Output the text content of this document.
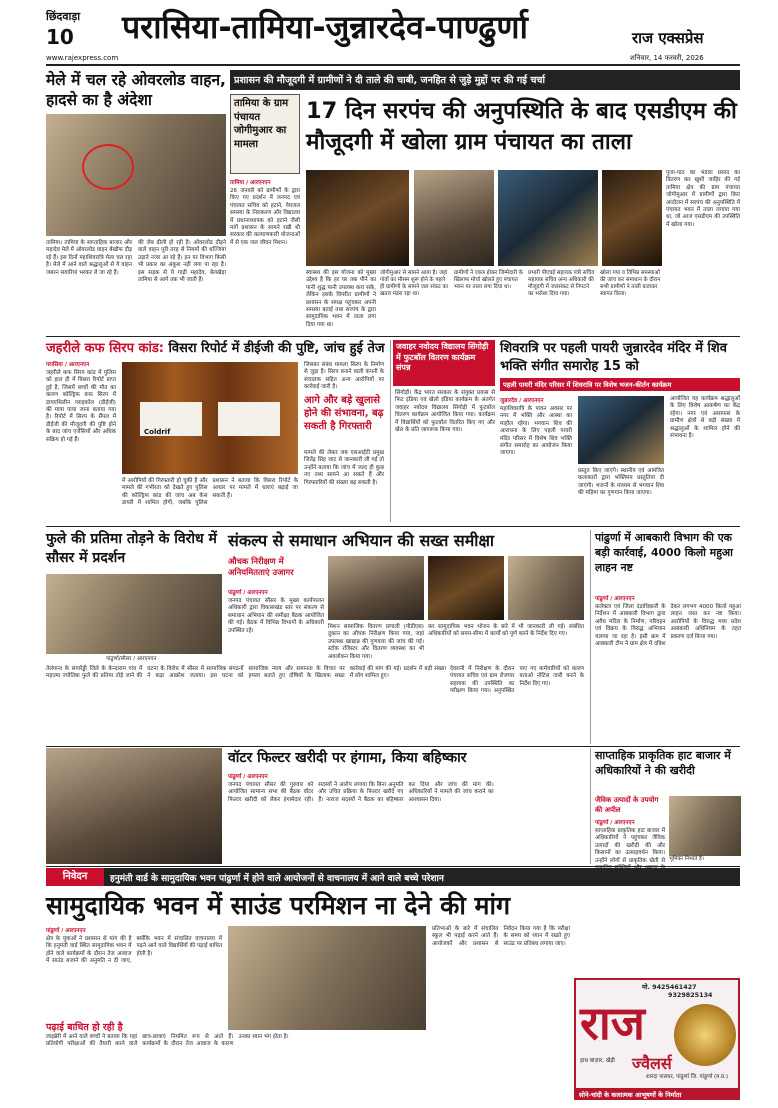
छिंदवाड़ा
10 परासिया-तामिया-जुन्नारदेव-पाण्ढुर्णा	राज एक्सप्रेस
www.rajexpress.com	शनिवार, 14 फरवरी, 2026
मेले में चल रहे ओवरलोड वाहन, हादसे का है अंदेशा
तामिया। तामिया के साप्ताहिक बाजार और महादेव मेले में ओवरलोड वाहन बेखौफ दौड़ रहे हैं। इस दिनों महाशिवरात्रि मेला चल रहा है। मेले में आने वाले श्रद्धालुओं से ये वाहन जबरन सवारियां भरकर ले जा रहे हैं।
की जेब ढीली हो रही है। ओवरलोड दौड़ने वाले वाहन पूरी तरह से नियमों की धज्जियां उड़ाते नजर आ रहे हैं। इन पर विभाग किसी भी प्रकार का अंकुश नहीं लगा पा रहा है। इस सड़क से ये गाड़ी महादेव, बेलखेड़ा तामिया से आगे तक भी जाती हैं।
प्रशासन की मौजूदगी में ग्रामीणों ने दी ताले की चाबी, जनहित से जुड़े मुद्दों पर की गई चर्चा
तामिया के ग्राम पंचायत जोगीमुआर का मामला
17 दिन सरपंच की अनुपस्थिति के बाद एसडीएम की मौजूदगी में खोला ग्राम पंचायत का ताला
तामिया / आरएनएन
26 जनवरी को ग्रामीणों के द्वारा किए गए प्रदर्शन में जनपद एवं पंचायत सचिव को हटाने, पेयजल समस्या के निराकरण और विद्यालय में प्रधानाध्यापक को हटाने जैसी मांगें प्रशासन के सामने रखी थी सरकार की कल्याणकारी योजनाओं में से एक जल जीवन मिशन।
पूजा-पाठ का भंडारा प्रसाद का वितरण कर खुशी जाहिर की गई तामिया क्षेत्र की ग्राम पंचायत जोगीमुआर में ग्रामीणों द्वारा किए आंदोलन में सरपंच की अनुपस्थिति में पंचायत भवन में ताला लगाया गया था, जो आज एसडीएम की उपस्थिति में खोला गया।
स्वास्थ्य की इस योजना को मुख्य उद्देश्य है कि हर घर तक पीने का पानी शुद्ध पानी उपलब्ध करा सके, लेकिन इसके विपरीत ग्रामीणों ने प्रशासन के समक्ष पहुंचकर अपनी समस्या बताई तथा सरपंच के द्वारा सामुदायिक भवन में ताला लगा दिया गया था।
जोगीमुआर से सामने आया है। जहां गांवों का मौसम शुरू होने के पहले ही ग्रामीणों के सामने जल संकट का खतरा मंडरा रहा था।
ग्रामीणों ने एकत्र होकर जिम्मेदारी के खिलाफ मोर्चा खोलते हुए पंचायत भवन पर ताला लगा दिया था।
प्रभारी पीएचई सहायक यंत्री सचिव सहायक सचिव अन्य अधिकारी की मौजूदगी में जलसंकट से निपटने का भरोसा दिया गया।
खोला गया व विभिन्न समस्याओं की जांच कर समाधान के दौरान सभी ग्रामीणों ने ताली बजाकर स्वागत किया।
जहरीले कफ सिरप कांड: विसरा रिपोर्ट में डीईजी की पुष्टि, जांच हुई तेज
परासिया / आरएनएन
जहरीले कफ सिरप कांड में पुलिस को हाल ही में विसरा रिपोर्ट प्राप्त हुई है, जिसमें बच्चों की मौत का कारण कोल्ड्रिफ कफ सिरप में डायएथिलीन ग्लाइकॉल (डीईजी) की मात्रा पाया जाना बताया गया है। रिपोर्ट में सिरप के सैंपल में डीईजी की मौजूदगी की पुष्टि होने के बाद जांच एजेंसियों और अधिक सक्रिय हो गई हैं।
Coldrif
में आरोपियों की गिरफ्तारी हो चुकी है और मामले की गंभीरता को देखते हुए पुलिस की कोल्ड्रिफ कांड की जांच अब केस डायरी में शामिल होगी, जबकि पुलिस प्रशासन ने बताया कि विसरा रिपोर्ट के आधार पर मामले में धाराएं बढ़ाई जा सकती हैं।
जिसका संबंध मामला सिरप के निर्माण से जुड़ा है। सिरप बनाने वाली कंपनी के संचालक सहित अन्य आरोपियों पर कार्रवाई जारी है।
आगे और बड़े खुलासे होने की संभावना, बढ़ सकती है गिरफ्तारी
मामले की लेकर जब एसआईटी प्रमुख जितेंद्र सिंह जाट से जानकारी ली गई तो उन्होंने बताया कि जांच में जल्द ही कुछ नए तथ्य सामने आ सकते हैं और गिरफ्तारियों की संख्या बढ़ सकती है।
जवाहर नवोदय विद्यालय सिंगोड़ी में फुटबॉल वितरण कार्यक्रम संपन्न
सिंगोड़ी। केंद्र भारत सरकार के संयुक्त प्रयास से फिट इंडिया एवं खेलो इंडिया कार्यक्रम के अंतर्गत जवाहर नवोदय विद्यालय सिंगोड़ी में फुटबॉल वितरण कार्यक्रम आयोजित किया गया। कार्यक्रम में विद्यार्थियों को फुटबॉल वितरित किए गए और खेल के प्रति जागरूक किया गया।
शिवरात्रि पर पहली पायरी जुन्नारदेव मंदिर में शिव भक्ति संगीत समारोह 15 को
पहली पायरी मंदिर परिसर में शिवरात्रि पर विशेष भजन-कीर्तन कार्यक्रम
जुन्नारदेव / आरएनएन
महाशिवरात्रि के पावन अवसर पर नगर में भक्ति और आस्था का माहौल रहेगा। भगवान शिव की आराधना के लिए पहली पायरी मंदिर परिसर में विशेष शिव भक्ति संगीत समारोह का आयोजन किया जाएगा।
प्रस्तुत किए जाएंगे। स्थानीय एवं आमंत्रित कलाकारों द्वारा भक्तिमय प्रस्तुतियां दी जाएंगी। भजनों के माध्यम से भगवान शिव की महिमा का गुणगान किया जाएगा।
आयोजित यह कार्यक्रम श्रद्धालुओं के लिए विशेष आकर्षण का केंद्र रहेगा। नगर एवं आसपास के ग्रामीण क्षेत्रों से बड़ी संख्या में श्रद्धालुओं के शामिल होने की संभावना है।
फुले की प्रतिमा तोड़ने के विरोध में सौसर में प्रदर्शन
पांढुर्णा/सौसर / आरएनएन
तेलंगाना के संगारेड्डी जिले के केन्दाराम गांव में महात्मा ज्योतिबा फुले की प्रतिमा तोड़े जाने की घटना के विरोध में सौसर में सामाजिक संगठनों ने कड़ा आक्रोश जताया। इस घटना को सामाजिक न्याय और समानता के विचार पर हमला बताते हुए दोषियों के खिलाफ सख्त कार्रवाई की मांग की गई। प्रदर्शन में बड़ी संख्या में लोग शामिल हुए।
संकल्प से समाधान अभियान की सख्त समीक्षा
औचक निरीक्षण में अनियमितताएं उजागर
पांढुर्णा / आरएनएन
जनपद पंचायत सौसर के मुख्य कार्यपालन अधिकारी द्वारा विकासखंड स्तर पर संकल्प से समाधान अभियान की समीक्षा बैठक आयोजित की गई। बैठक में विभिन्न विभागों के अधिकारी उपस्थित रहे।
मिशन सामाजिक वितरण प्रणाली (पीडीएस) दुकान का औचक निरीक्षण किया गया, जहां उपलब्ध खाद्यान्न की गुणवत्ता की जांच की गई। स्टॉक रजिस्टर और वितरण व्यवस्था का भी अवलोकन किया गया।
कर सामुदायिक भवन भोजन के बारे में भी जानकारी ली गई। संबंधित अधिकारियों को समय-सीमा में कार्यों को पूर्ण करने के निर्देश दिए गए।
देवरानी में निरीक्षण के दौरान पंचायत सचिव एवं ग्राम रोजगार सहायक की उपस्थिति का परीक्षण किया गया। अनुपस्थित पाए गए कर्मचारियों को कारण बताओ नोटिस जारी करने के निर्देश दिए गए।
पांढुर्णा में आबकारी विभाग की एक बड़ी कार्रवाई, 4000 किलो महुआ लाहन नष्ट
पांढुर्णा / आरएनएन
कलेक्टर एवं जिला दंडाधिकारी के निर्देशन में आबकारी विभाग द्वारा अवैध मदिरा के निर्माण, परिवहन एवं विक्रय के विरुद्ध अभियान चलाया जा रहा है। इसी क्रम में आबकारी टीम ने ग्राम क्षेत्र में दबिश देकर लगभग 4000 किलो महुआ लाहन जब्त कर नष्ट किया। आरोपियों के विरुद्ध मध्य प्रदेश आबकारी अधिनियम के तहत प्रकरण दर्ज किया गया।
वॉटर फिल्टर खरीदी पर हंगामा, किया बहिष्कार
पांढुर्णा / आरएनएन
जनपद पंचायत सौसर की गुरुवार को आयोजित सामान्य सभा की बैठक वॉटर फिल्टर खरीदी को लेकर हंगामेदार रही। सदस्यों ने आरोप लगाया कि बिना अनुमति और उचित प्रक्रिया के फिल्टर खरीदे गए हैं। नाराज सदस्यों ने बैठक का बहिष्कार कर दिया और जांच की मांग की। अधिकारियों ने मामले की जांच कराने का आश्वासन दिया।
साप्ताहिक प्राकृतिक हाट बाजार में अधिकारियों ने की खरीदी
जैविक उत्पादों के उपयोग की अपील
पांढुर्णा / आरएनएन
साप्ताहिक प्राकृतिक हाट बाजार में अधिकारियों ने पहुंचकर जैविक उत्पादों की खरीदी की और किसानों का उत्साहवर्धन किया। उन्होंने लोगों से प्राकृतिक खेती से भूमिका निभाते हैं।
निवेदन	हनुमंती वार्ड के सामुदायिक भवन पांढुर्णा में होने वाले आयोजनों से वाचनालय में आने वाले बच्चे परेशान
सामुदायिक भवन में साउंड परमिशन ना देने की मांग
पांढुर्णा / आरएनएन
क्षेत्र के युवाओं ने प्रशासन से मांग की है कि हनुमंती वार्ड स्थित सामुदायिक भवन में होने वाले कार्यक्रमों के दौरान तेज आवाज में साउंड बजाने की अनुमति न दी जाए, क्योंकि भवन में संचालित वाचनालय में पढ़ने आने वाले विद्यार्थियों की पढ़ाई बाधित होती है।
पढ़ाई बाधित हो रही है
लाइब्रेरी में आने वाले बच्चों ने बताया कि यहां प्रतियोगी परीक्षाओं की तैयारी करने वाले छात्र-छात्राएं नियमित रूप से आते हैं। कार्यक्रमों के दौरान तेज आवाज के कारण उनका ध्यान भंग होता है।
प्रतिभाओं के बारे में संचालित स्कूल भी पढ़ाई करने आते हैं। आयोजकों और प्रशासन से निवेदन किया गया है कि परीक्षा के समय को ध्यान में रखते हुए साउंड पर प्रतिबंध लगाया जाए।
मो. 9425461427
9329825134
राज
ज्वैलर्स
हाथ बाज़ार, खेड़ी
शारदा पालघर, पांढुर्णा जि. पांढुर्णा (म.प्र.)
सोने-चांदी के कलात्मक आभूषणों के निर्माता
